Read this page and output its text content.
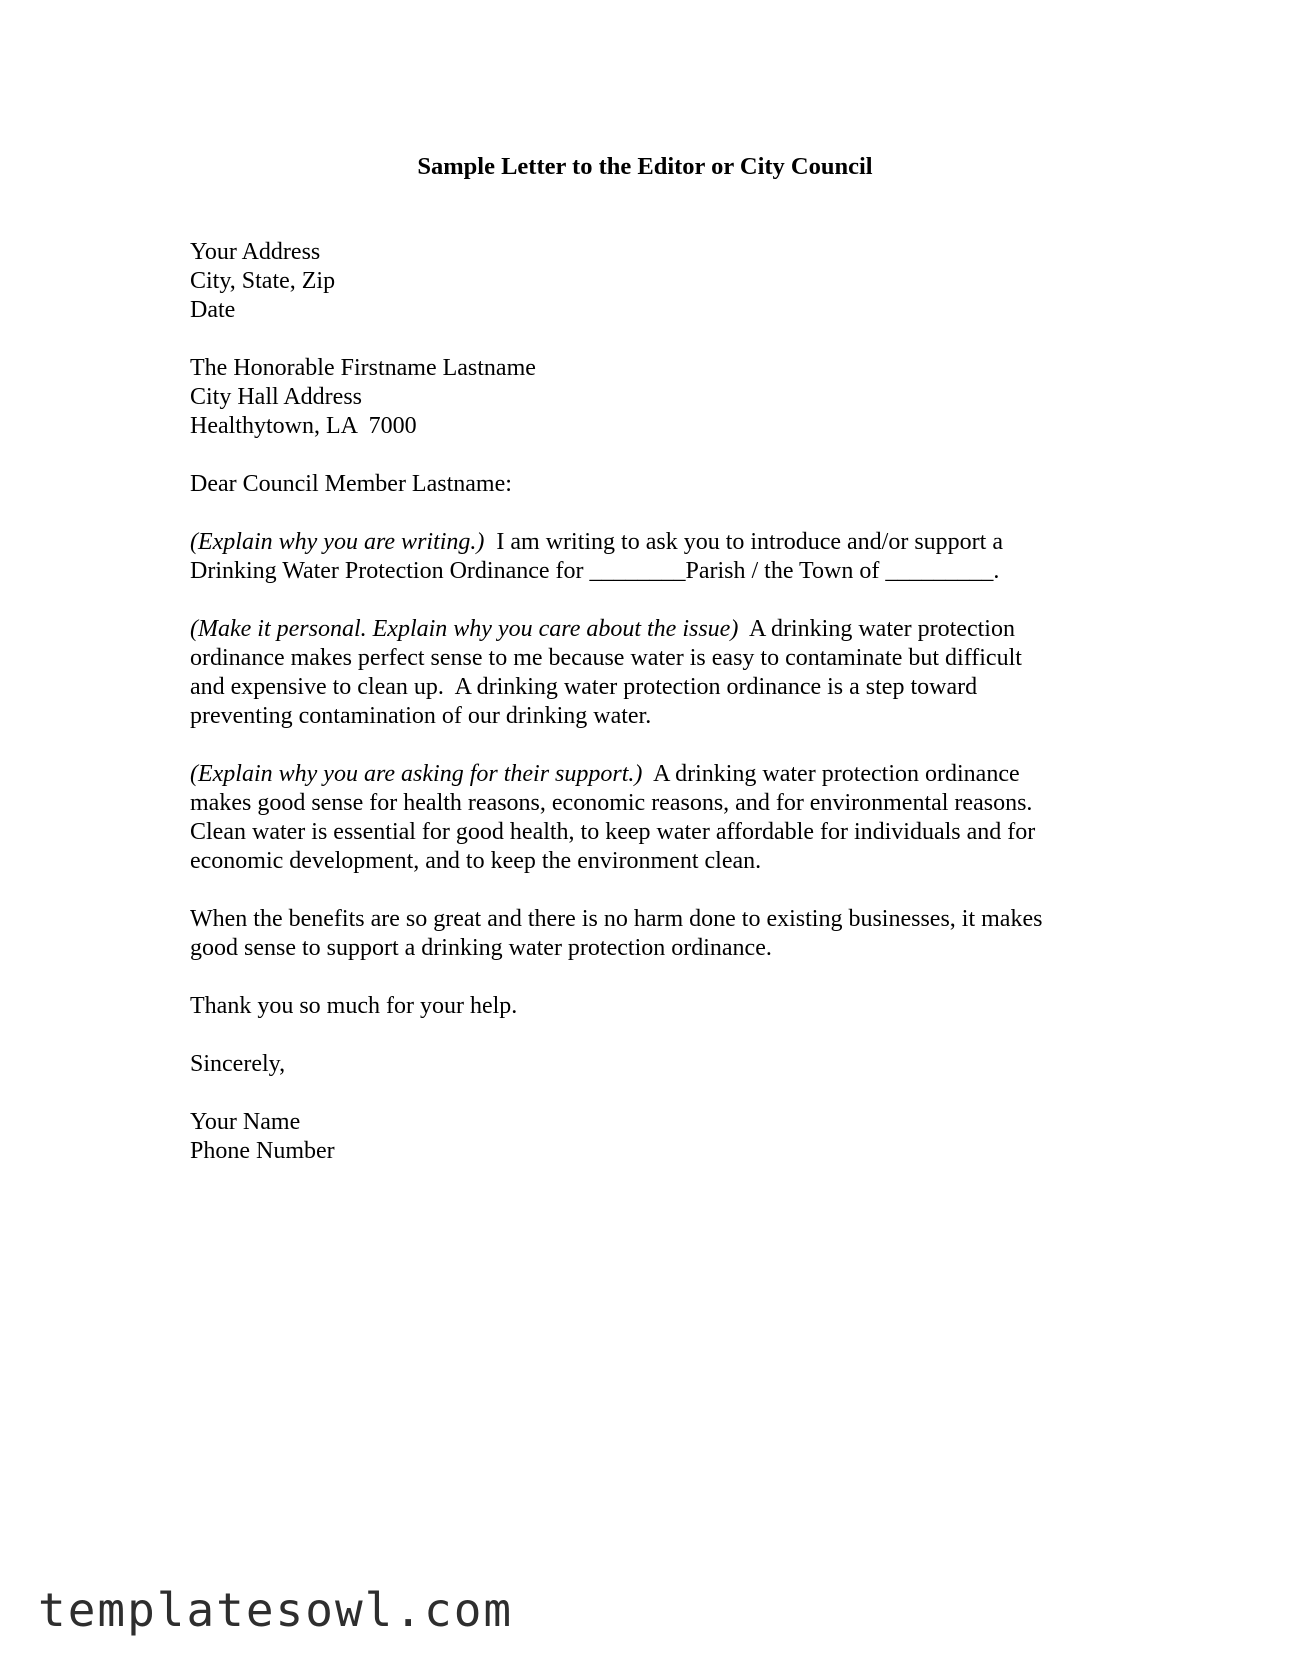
Sample Letter to the Editor or City Council
Your Address
City, State, Zip
Date
The Honorable Firstname Lastname
City Hall Address
Healthytown, LA  7000
Dear Council Member Lastname:
(Explain why you are writing.)  I am writing to ask you to introduce and/or support a
Drinking Water Protection Ordinance for ________Parish / the Town of _________.
(Make it personal. Explain why you care about the issue)  A drinking water protection
ordinance makes perfect sense to me because water is easy to contaminate but difficult
and expensive to clean up.  A drinking water protection ordinance is a step toward
preventing contamination of our drinking water.
(Explain why you are asking for their support.)  A drinking water protection ordinance
makes good sense for health reasons, economic reasons, and for environmental reasons.
Clean water is essential for good health, to keep water affordable for individuals and for
economic development, and to keep the environment clean.
When the benefits are so great and there is no harm done to existing businesses, it makes
good sense to support a drinking water protection ordinance.
Thank you so much for your help.
Sincerely,
Your Name
Phone Number
templatesowl.com
